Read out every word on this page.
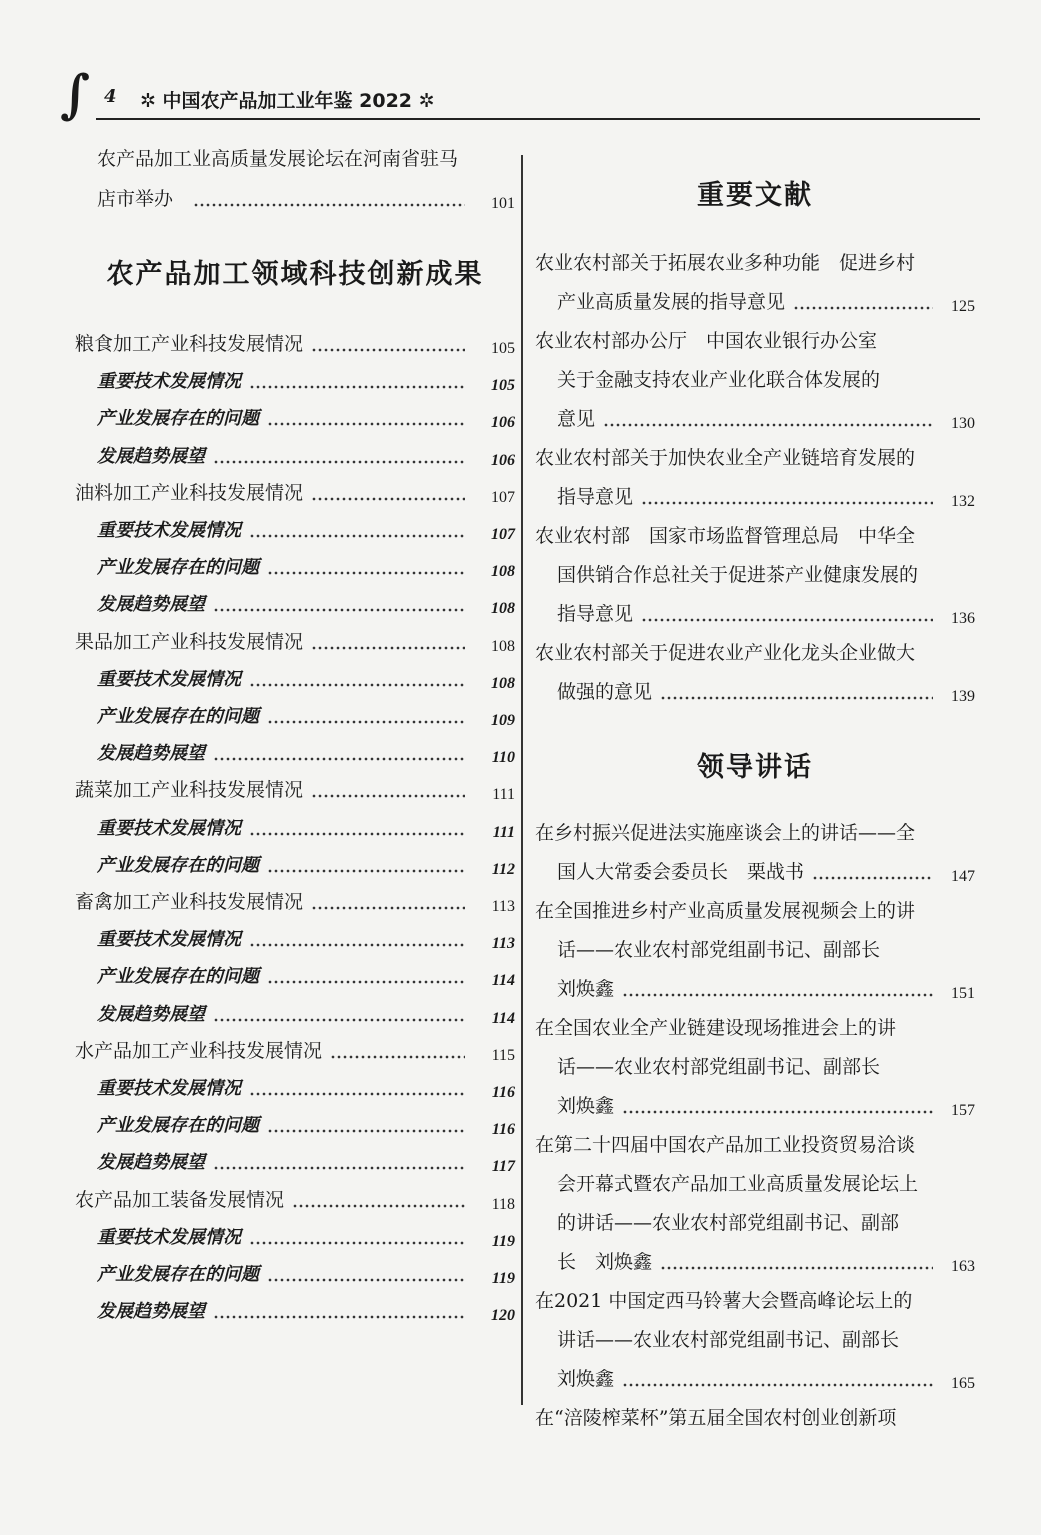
∫ 4 ✲ 中国农产品加工业年鉴 2022 ✲
农产品加工业高质量发展论坛在河南省驻马
店市举办	101
农产品加工领域科技创新成果
粮食加工产业科技发展情况	105
重要技术发展情况	105
产业发展存在的问题	106
发展趋势展望	106
油料加工产业科技发展情况	107
重要技术发展情况	107
产业发展存在的问题	108
发展趋势展望	108
果品加工产业科技发展情况	108
重要技术发展情况	108
产业发展存在的问题	109
发展趋势展望	110
蔬菜加工产业科技发展情况	111
重要技术发展情况	111
产业发展存在的问题	112
畜禽加工产业科技发展情况	113
重要技术发展情况	113
产业发展存在的问题	114
发展趋势展望	114
水产品加工产业科技发展情况	115
重要技术发展情况	116
产业发展存在的问题	116
发展趋势展望	117
农产品加工装备发展情况	118
重要技术发展情况	119
产业发展存在的问题	119
发展趋势展望	120
重要文献
领导讲话
农业农村部关于拓展农业多种功能　促进乡村
产业高质量发展的指导意见	125
农业农村部办公厅　中国农业银行办公室
关于金融支持农业产业化联合体发展的
意见	130
农业农村部关于加快农业全产业链培育发展的
指导意见	132
农业农村部　国家市场监督管理总局　中华全
国供销合作总社关于促进茶产业健康发展的
指导意见	136
农业农村部关于促进农业产业化龙头企业做大
做强的意见	139
在乡村振兴促进法实施座谈会上的讲话——全
国人大常委会委员长　栗战书	147
在全国推进乡村产业高质量发展视频会上的讲
话——农业农村部党组副书记、副部长
刘焕鑫	151
在全国农业全产业链建设现场推进会上的讲
话——农业农村部党组副书记、副部长
刘焕鑫	157
在第二十四届中国农产品加工业投资贸易洽谈
会开幕式暨农产品加工业高质量发展论坛上
的讲话——农业农村部党组副书记、副部
长　刘焕鑫	163
在2021 中国定西马铃薯大会暨高峰论坛上的
讲话——农业农村部党组副书记、副部长
刘焕鑫	165
在“涪陵榨菜杯”第五届全国农村创业创新项
